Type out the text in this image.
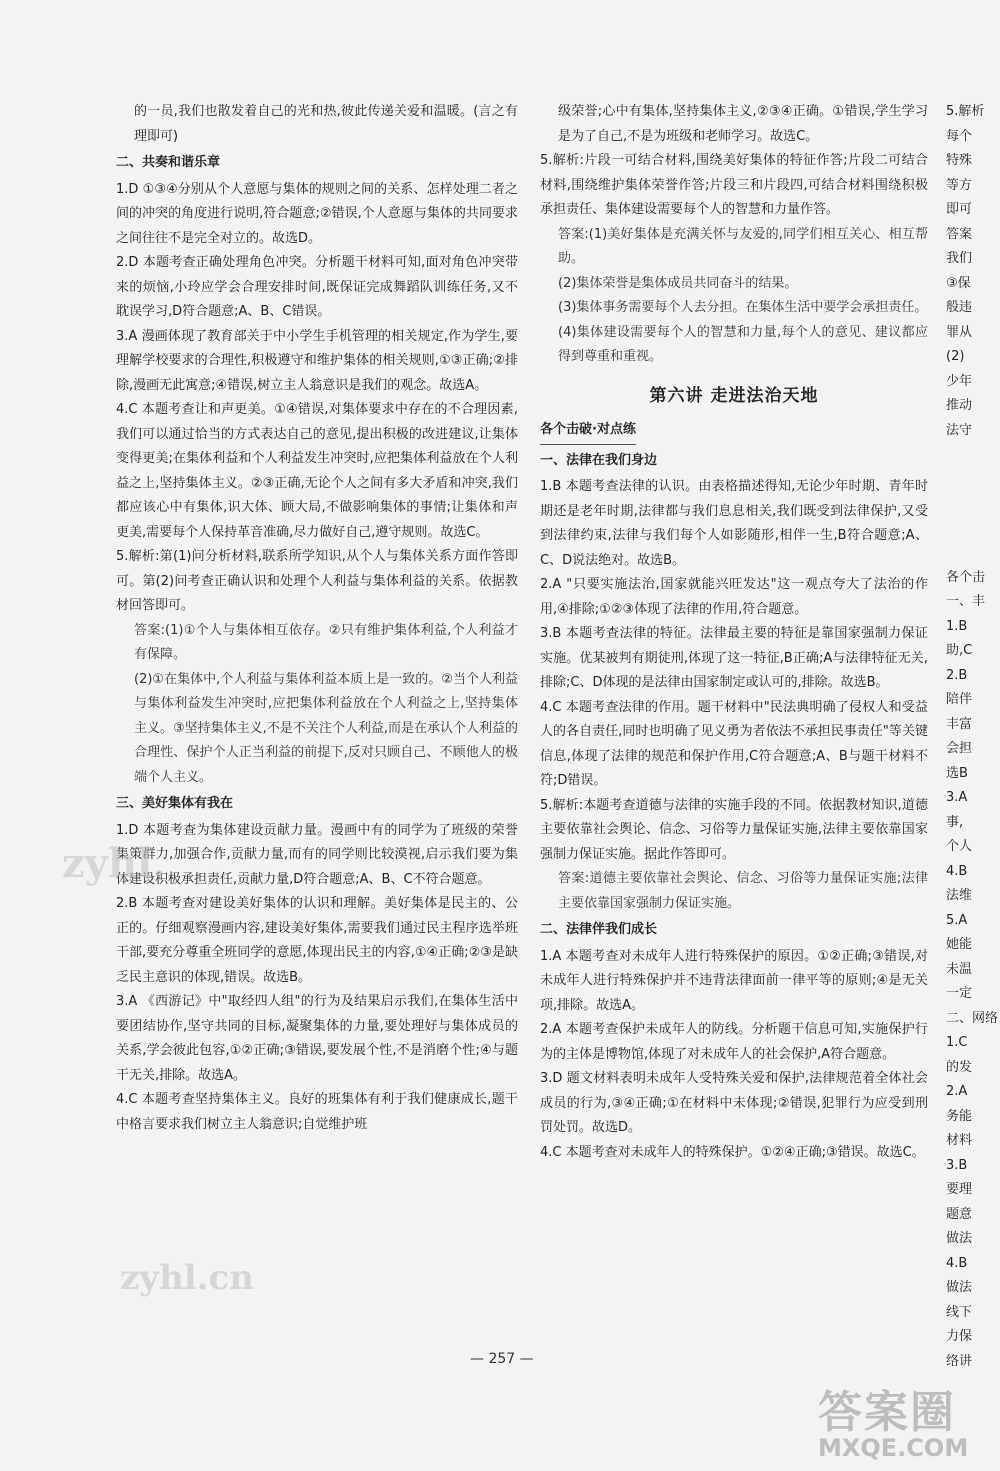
的一员,我们也散发着自己的光和热,彼此传递关爱和温暖。(言之有理即可)
二、共奏和谐乐章
1.D ①③④分别从个人意愿与集体的规则之间的关系、怎样处理二者之间的冲突的角度进行说明,符合题意;②错误,个人意愿与集体的共同要求之间往往不是完全对立的。故选D。
2.D 本题考查正确处理角色冲突。分析题干材料可知,面对角色冲突带来的烦恼,小玲应学会合理安排时间,既保证完成舞蹈队训练任务,又不耽误学习,D符合题意;A、B、C错误。
3.A 漫画体现了教育部关于中小学生手机管理的相关规定,作为学生,要理解学校要求的合理性,积极遵守和维护集体的相关规则,①③正确;②排除,漫画无此寓意;④错误,树立主人翁意识是我们的观念。故选A。
4.C 本题考查让和声更美。①④错误,对集体要求中存在的不合理因素,我们可以通过恰当的方式表达自己的意见,提出积极的改进建议,让集体变得更美;在集体利益和个人利益发生冲突时,应把集体利益放在个人利益之上,坚持集体主义。②③正确,无论个人之间有多大矛盾和冲突,我们都应该心中有集体,识大体、顾大局,不做影响集体的事情;让集体和声更美,需要每个人保持革音准确,尽力做好自己,遵守规则。故选C。
5.解析:第(1)问分析材料,联系所学知识,从个人与集体关系方面作答即可。第(2)问考查正确认识和处理个人利益与集体利益的关系。依据教材回答即可。
答案:(1)①个人与集体相互依存。②只有维护集体利益,个人利益才有保障。
(2)①在集体中,个人利益与集体利益本质上是一致的。②当个人利益与集体利益发生冲突时,应把集体利益放在个人利益之上,坚持集体主义。③坚持集体主义,不是不关注个人利益,而是在承认个人利益的合理性、保护个人正当利益的前提下,反对只顾自己、不顾他人的极端个人主义。
三、美好集体有我在
1.D 本题考查为集体建设贡献力量。漫画中有的同学为了班级的荣誉集策群力,加强合作,贡献力量,而有的同学则比较漠视,启示我们要为集体建设积极承担责任,贡献力量,D符合题意;A、B、C不符合题意。
2.B 本题考查对建设美好集体的认识和理解。美好集体是民主的、公正的。仔细观察漫画内容,建设美好集体,需要我们通过民主程序选举班干部,要充分尊重全班同学的意愿,体现出民主的内容,①④正确;②③是缺乏民主意识的体现,错误。故选B。
3.A 《西游记》中"取经四人组"的行为及结果启示我们,在集体生活中要团结协作,坚守共同的目标,凝聚集体的力量,要处理好与集体成员的关系,学会彼此包容,①②正确;③错误,要发展个性,不是消磨个性;④与题干无关,排除。故选A。
4.C 本题考查坚持集体主义。良好的班集体有利于我们健康成长,题干中格言要求我们树立主人翁意识;自觉维护班
级荣誉;心中有集体,坚持集体主义,②③④正确。①错误,学生学习是为了自己,不是为班级和老师学习。故选C。
5.解析:片段一可结合材料,围绕美好集体的特征作答;片段二可结合材料,围绕维护集体荣誉作答;片段三和片段四,可结合材料围绕积极承担责任、集体建设需要每个人的智慧和力量作答。
答案:(1)美好集体是充满关怀与友爱的,同学们相互关心、相互帮助。
(2)集体荣誉是集体成员共同奋斗的结果。
(3)集体事务需要每个人去分担。在集体生活中要学会承担责任。
(4)集体建设需要每个人的智慧和力量,每个人的意见、建议都应得到尊重和重视。
第六讲 走进法治天地
各个击破·对点练

一、法律在我们身边
1.B 本题考查法律的认识。由表格描述得知,无论少年时期、青年时期还是老年时期,法律都与我们息息相关,我们既受到法律保护,又受到法律约束,法律与我们每个人如影随形,相伴一生,B符合题意;A、C、D说法绝对。故选B。
2.A "只要实施法治,国家就能兴旺发达"这一观点夸大了法治的作用,④排除;①②③体现了法律的作用,符合题意。
3.B 本题考查法律的特征。法律最主要的特征是靠国家强制力保证实施。优某被判有期徒刑,体现了这一特征,B正确;A与法律特征无关,排除;C、D体现的是法律由国家制定或认可的,排除。故选B。
4.C 本题考查法律的作用。题干材料中"民法典明确了侵权人和受益人的各自责任,同时也明确了见义勇为者依法不承担民事责任"等关键信息,体现了法律的规范和保护作用,C符合题意;A、B与题干材料不符;D错误。
5.解析:本题考查道德与法律的实施手段的不同。依据教材知识,道德主要依靠社会舆论、信念、习俗等力量保证实施,法律主要依靠国家强制力保证实施。据此作答即可。
答案:道德主要依靠社会舆论、信念、习俗等力量保证实施;法律主要依靠国家强制力保证实施。
二、法律伴我们成长
1.A 本题考查对未成年人进行特殊保护的原因。①②正确;③错误,对未成年人进行特殊保护并不违背法律面前一律平等的原则;④是无关项,排除。故选A。
2.A 本题考查保护未成年人的防线。分析题干信息可知,实施保护行为的主体是博物馆,体现了对未成年人的社会保护,A符合题意。
3.D 题文材料表明未成年人受特殊关爱和保护,法律规范着全体社会成员的行为,③④正确;①在材料中未体现;②错误,犯罪行为应受到刑罚处罚。故选D。
4.C 本题考查对未成年人的特殊保护。①②④正确;③错误。故选C。
5.解析
每个
特殊
等方
即可
答案
我们
③保
般违
罪从
(2)
少年
推动
法守
各个击
一、丰
1.B
助,C
2.B
陪伴
丰富
会担
选B
3.A
事,
个人
4.B
法维
5.A
她能
未温
一定
二、网络
1.C
的发
2.A
务能
材料
3.B
要理
题意
做法
4.B
做法
线下
力保
络讲
— 257 —
zyhl.
zyhl.cn
答案圈
MXQE.COM
